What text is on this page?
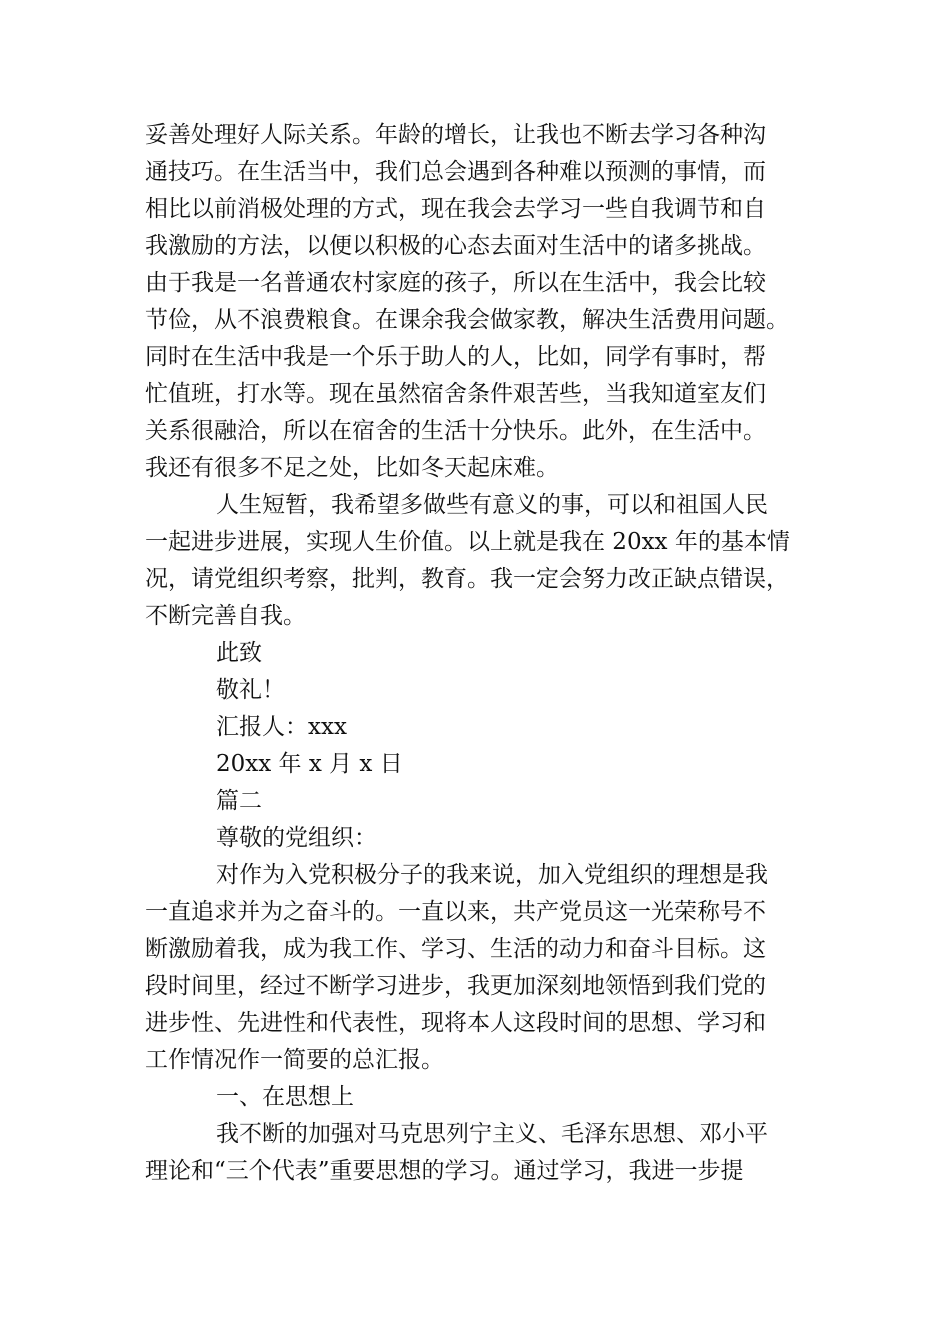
妥善处理好人际关系。年龄的增长，让我也不断去学习各种沟
通技巧。在生活当中，我们总会遇到各种难以预测的事情，而
相比以前消极处理的方式，现在我会去学习一些自我调节和自
我激励的方法，以便以积极的心态去面对生活中的诸多挑战。
由于我是一名普通农村家庭的孩子，所以在生活中，我会比较
节俭，从不浪费粮食。在课余我会做家教，解决生活费用问题。
同时在生活中我是一个乐于助人的人，比如，同学有事时，帮
忙值班，打水等。现在虽然宿舍条件艰苦些，当我知道室友们
关系很融洽，所以在宿舍的生活十分快乐。此外，在生活中。
我还有很多不足之处，比如冬天起床难。
人生短暂，我希望多做些有意义的事，可以和祖国人民
一起进步进展，实现人生价值。以上就是我在 20xx 年的基本情
况，请党组织考察，批判，教育。我一定会努力改正缺点错误，
不断完善自我。
此致
敬礼！
汇报人：xxx
20xx 年 x 月 x 日
篇二
尊敬的党组织：
对作为入党积极分子的我来说，加入党组织的理想是我
一直追求并为之奋斗的。一直以来，共产党员这一光荣称号不
断激励着我，成为我工作、学习、生活的动力和奋斗目标。这
段时间里，经过不断学习进步，我更加深刻地领悟到我们党的
进步性、先进性和代表性，现将本人这段时间的思想、学习和
工作情况作一简要的总汇报。
一、在思想上
我不断的加强对马克思列宁主义、毛泽东思想、邓小平
理论和“三个代表”重要思想的学习。通过学习，我进一步提
